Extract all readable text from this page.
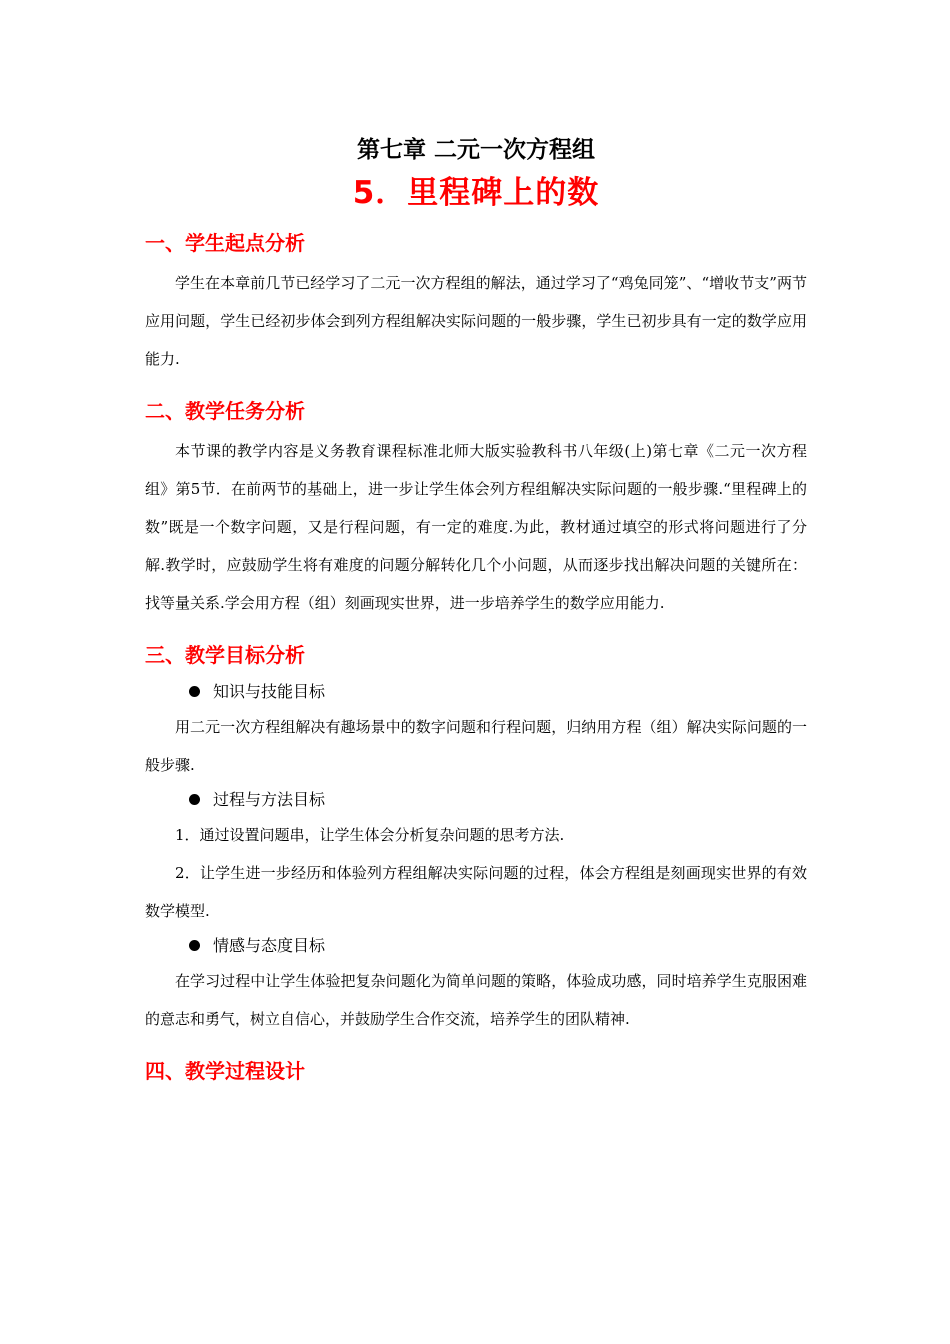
第七章 二元一次方程组
5．里程碑上的数
一、学生起点分析

学生在本章前几节已经学习了二元一次方程组的解法，通过学习了“鸡兔同笼”、“增收节支”两节应用问题，学生已经初步体会到列方程组解决实际问题的一般步骤，学生已初步具有一定的数学应用能力.

二、教学任务分析

本节课的教学内容是义务教育课程标准北师大版实验教科书八年级(上)第七章《二元一次方程组》第5节．在前两节的基础上，进一步让学生体会列方程组解决实际问题的一般步骤.“里程碑上的数”既是一个数字问题，又是行程问题，有一定的难度.为此，教材通过填空的形式将问题进行了分解.教学时，应鼓励学生将有难度的问题分解转化几个小问题，从而逐步找出解决问题的关键所在：找等量关系.学会用方程（组）刻画现实世界，进一步培养学生的数学应用能力.

三、教学目标分析
知识与技能目标

用二元一次方程组解决有趣场景中的数字问题和行程问题，归纳用方程（组）解决实际问题的一般步骤.

过程与方法目标

1．通过设置问题串，让学生体会分析复杂问题的思考方法.

2．让学生进一步经历和体验列方程组解决实际问题的过程，体会方程组是刻画现实世界的有效数学模型.

情感与态度目标

在学习过程中让学生体验把复杂问题化为简单问题的策略，体验成功感，同时培养学生克服困难的意志和勇气，树立自信心，并鼓励学生合作交流，培养学生的团队精神.

四、教学过程设计
